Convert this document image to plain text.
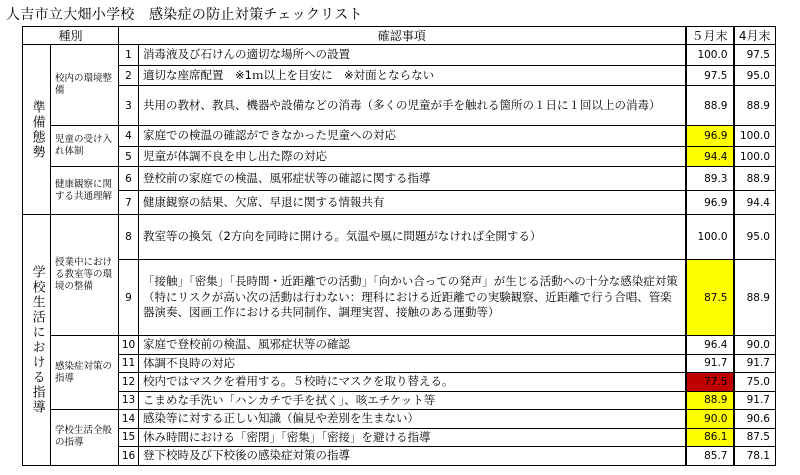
人吉市立大畑小学校　感染症の防止対策チェックリスト
種別		確認事項		５月末	4月末

準備態勢	校内の環境整備	1	消毒液及び石けんの適切な場所への設置	100.0	97.5
		2	適切な座席配置　※1ｍ以上を目安に　※対面とならない	97.5	95.0
		3	共用の教材、教具、機器や設備などの消毒（多くの児童が手を触れる箇所の１日に１回以上の消毒）	88.9	88.9
	児童の受け入れ体制	4	家庭での検温の確認ができなかった児童への対応	96.9	100.0
		5	児童が体調不良を申し出た際の対応	94.4	100.0
	健康観察に関する共通理解	6	登校前の家庭での検温、風邪症状等の確認に関する指導	89.3	88.9
		7	健康観察の結果、欠席、早退に関する情報共有	96.9	94.4

学校生活における指導	授業中における教室等の環境の整備	8	教室等の換気（2方向を同時に開ける。気温や風に問題がなければ全開する）	100.0	95.0
		9	「接触」「密集」「長時間・近距離での活動」「向かい合っての発声」が生じる活動への十分な感染症対策（特にリスクが高い次の活動は行わない：理科における近距離での実験観察、近距離で行う合唱、管楽器演奏、図画工作における共同制作、調理実習、接触のある運動等）	87.5	88.9
	感染症対策の指導	10	家庭で登校前の検温、風邪症状等の確認	96.4	90.0
		11	体調不良時の対応	91.7	91.7
		12	校内ではマスクを着用する。５校時にマスクを取り替える。	77.5	75.0
		13	こまめな手洗い「ハンカチで手を拭く」、咳エチケット等	88.9	91.7
	学校生活全般の指導	14	感染等に対する正しい知識（偏見や差別を生まない）	90.0	90.6
		15	休み時間における「密閉」「密集」「密接」を避ける指導	86.1	87.5
		16	登下校時及び下校後の感染症対策の指導	85.7	78.1
